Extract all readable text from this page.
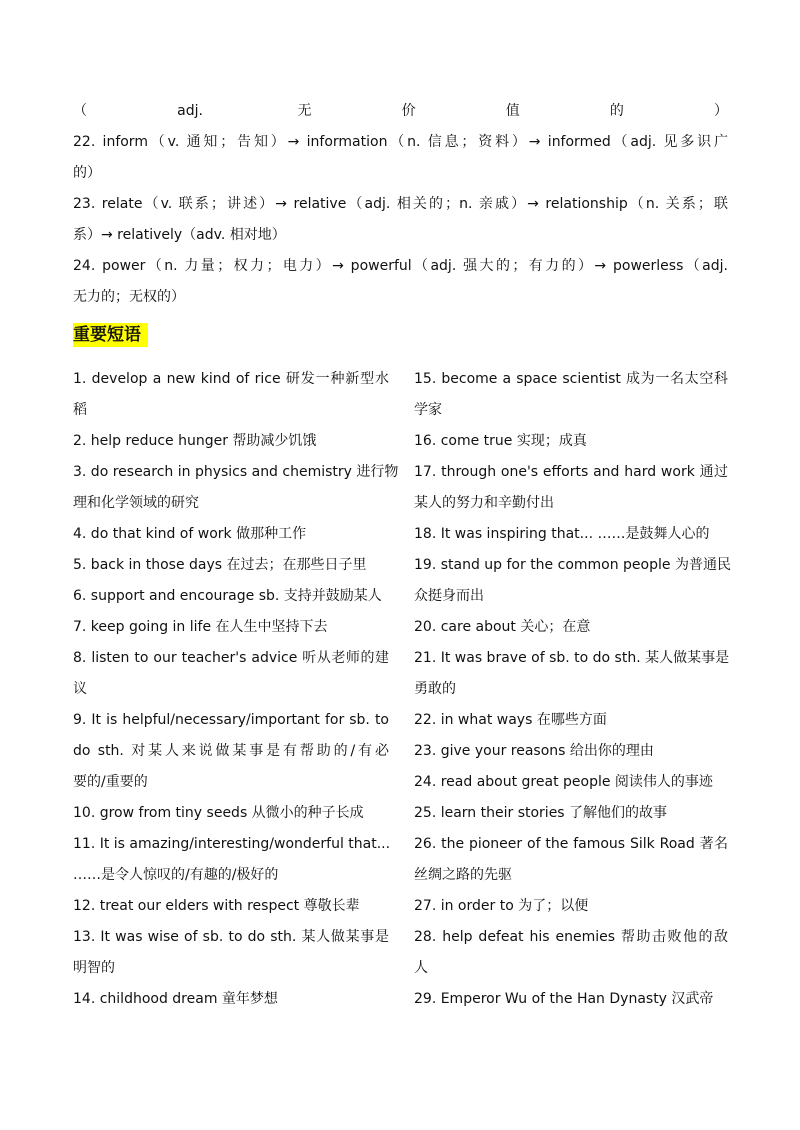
（adj. 无价值的）
22. inform（v. 通知；告知）→ information（n. 信息；资料）→ informed（adj. 见多识广
的）
23. relate（v. 联系；讲述）→ relative（adj. 相关的；n. 亲戚）→ relationship（n. 关系；联
系）→ relatively（adv. 相对地）
24. power（n. 力量；权力；电力）→ powerful（adj. 强大的；有力的）→ powerless（adj.
无力的；无权的）
重要短语
1. develop a new kind of rice 研发一种新型水
稻
2. help reduce hunger 帮助减少饥饿
3. do research in physics and chemistry 进行物
理和化学领域的研究
4. do that kind of work 做那种工作
5. back in those days 在过去；在那些日子里
6. support and encourage sb. 支持并鼓励某人
7. keep going in life 在人生中坚持下去
8. listen to our teacher's advice 听从老师的建
议
9. It is helpful/necessary/important for sb. to
do sth. 对某人来说做某事是有帮助的/有必
要的/重要的
10. grow from tiny seeds 从微小的种子长成
11. It is amazing/interesting/wonderful that...
……是令人惊叹的/有趣的/极好的
12. treat our elders with respect 尊敬长辈
13. It was wise of sb. to do sth. 某人做某事是
明智的
14. childhood dream 童年梦想
15. become a space scientist 成为一名太空科
学家
16. come true 实现；成真
17. through one's efforts and hard work 通过
某人的努力和辛勤付出
18. It was inspiring that... ……是鼓舞人心的
19. stand up for the common people 为普通民
众挺身而出
20. care about 关心；在意
21. It was brave of sb. to do sth. 某人做某事是
勇敢的
22. in what ways 在哪些方面
23. give your reasons 给出你的理由
24. read about great people 阅读伟人的事迹
25. learn their stories 了解他们的故事
26. the pioneer of the famous Silk Road 著名
丝绸之路的先驱
27. in order to 为了；以便
28. help defeat his enemies 帮助击败他的敌
人
29. Emperor Wu of the Han Dynasty 汉武帝
